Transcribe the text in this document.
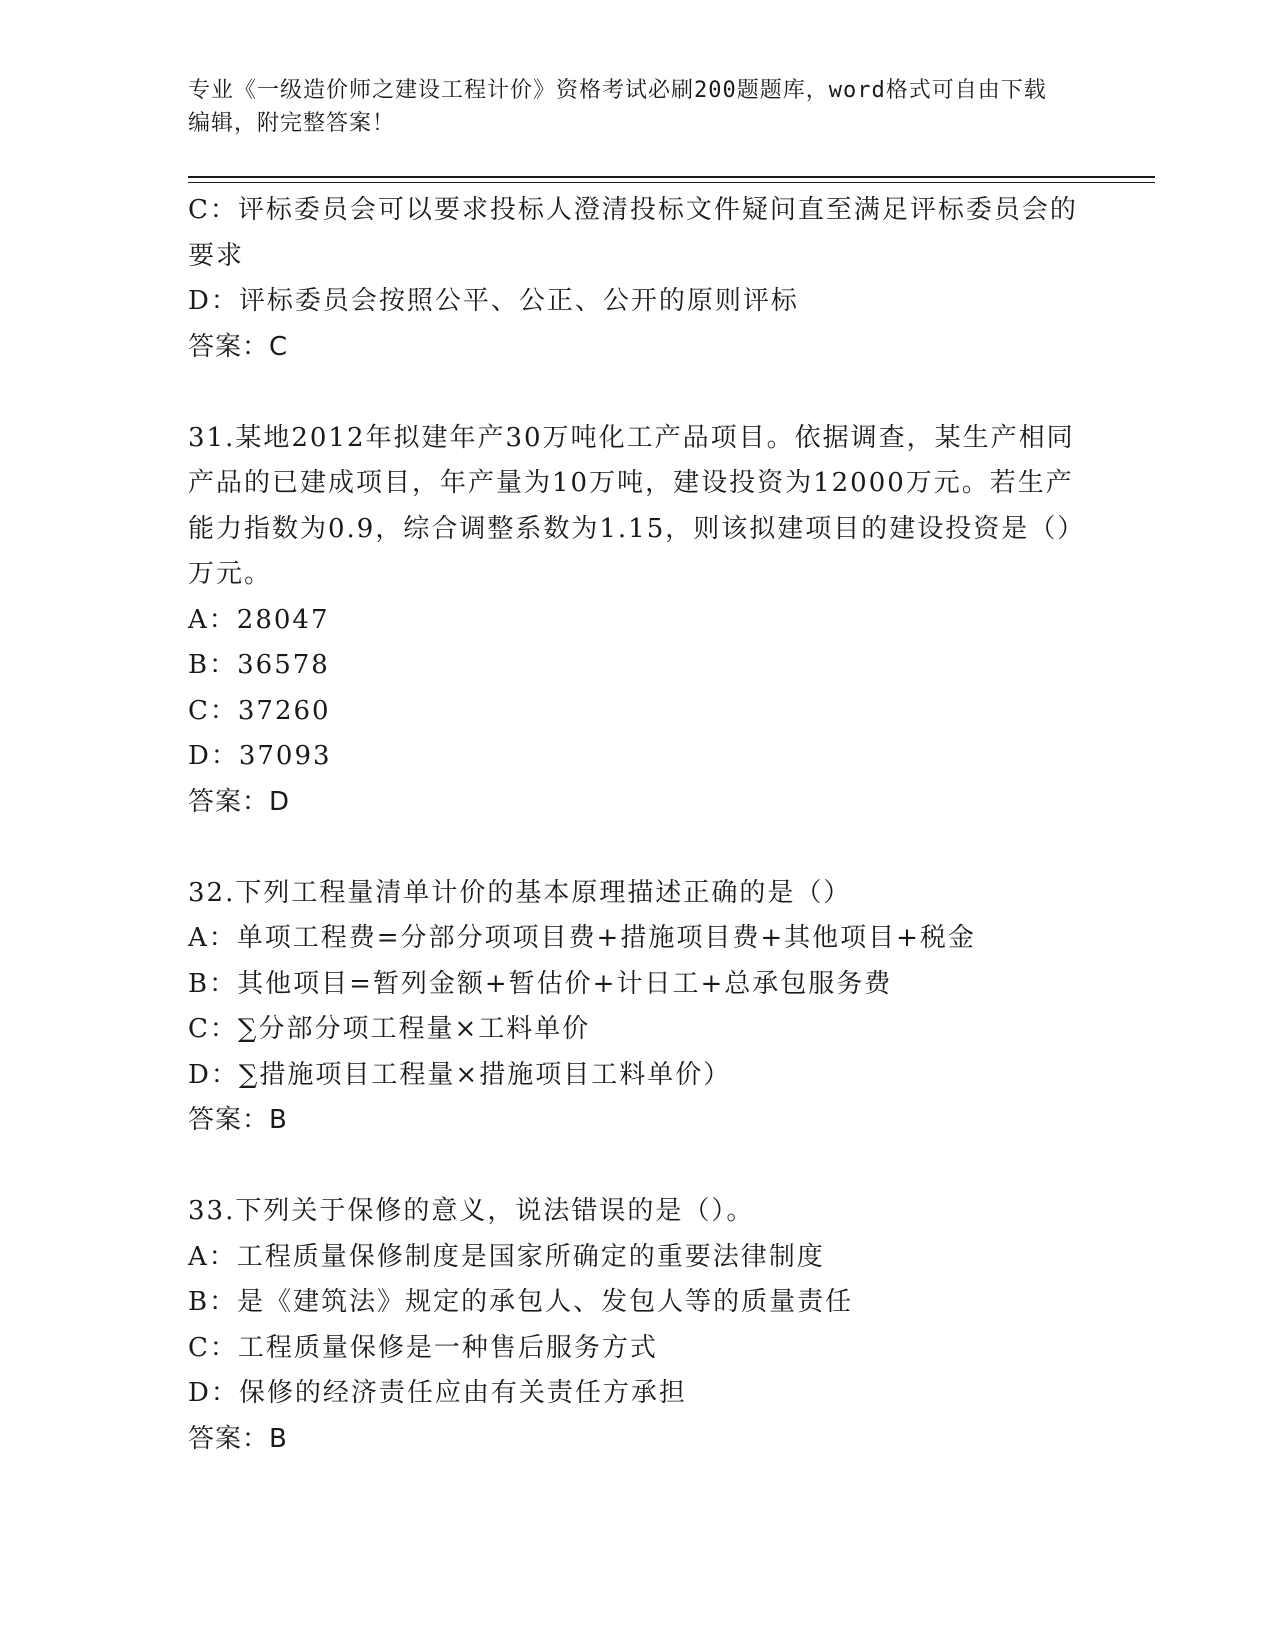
专业《一级造价师之建设工程计价》资格考试必刷200题题库，word格式可自由下载编辑，附完整答案！
C：评标委员会可以要求投标人澄清投标文件疑问直至满足评标委员会的要求
D：评标委员会按照公平、公正、公开的原则评标
答案：C
31.某地2012年拟建年产30万吨化工产品项目。依据调查，某生产相同产品的已建成项目，年产量为10万吨，建设投资为12000万元。若生产能力指数为0.9，综合调整系数为1.15，则该拟建项目的建设投资是（）万元。
A：28047
B：36578
C：37260
D：37093
答案：D
32.下列工程量清单计价的基本原理描述正确的是（）
A：单项工程费=分部分项项目费+措施项目费+其他项目+税金
B：其他项目=暂列金额+暂估价+计日工+总承包服务费
C：∑分部分项工程量×工料单价
D：∑措施项目工程量×措施项目工料单价）
答案：B
33.下列关于保修的意义，说法错误的是（）。
A：工程质量保修制度是国家所确定的重要法律制度
B：是《建筑法》规定的承包人、发包人等的质量责任
C：工程质量保修是一种售后服务方式
D：保修的经济责任应由有关责任方承担
答案：B
